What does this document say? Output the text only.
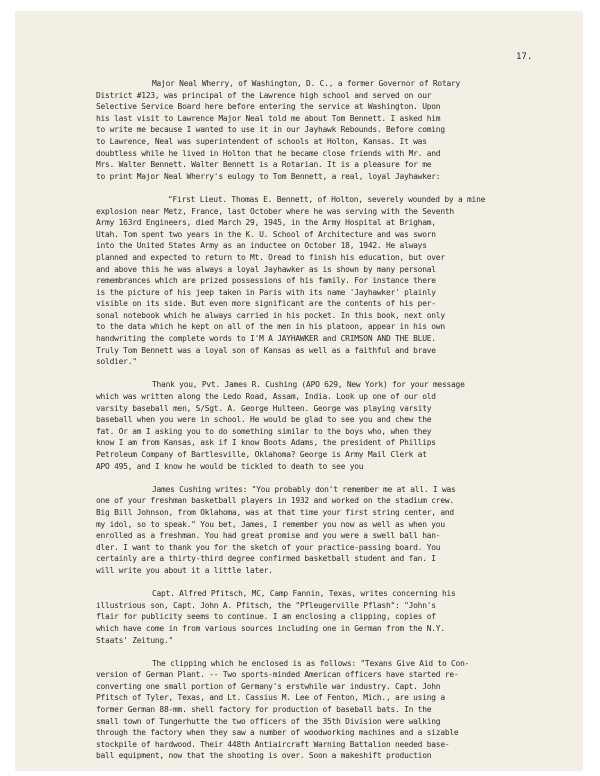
17.
Major Neal Wherry, of Washington, D. C., a former Governor of Rotary
District #123, was principal of the Lawrence high school and served on our
Selective Service Board here before entering the service at Washington. Upon
his last visit to Lawrence Major Neal told me about Tom Bennett. I asked him
to write me because I wanted to use it in our Jayhawk Rebounds. Before coming
to Lawrence, Neal was superintendent of schools at Holton, Kansas. It was
doubtless while he lived in Holton that he became close friends with Mr. and
Mrs. Walter Bennett. Walter Bennett is a Rotarian. It is a pleasure for me
to print Major Neal Wherry's eulogy to Tom Bennett, a real, loyal Jayhawker:
"First Lieut. Thomas E. Bennett, of Holton, severely wounded by a mine
explosion near Metz, France, last October where he was serving with the Seventh
Army 163rd Engineers, died March 29, 1945, in the Army Hospital at Brigham,
Utah. Tom spent two years in the K. U. School of Architecture and was sworn
into the United States Army as an inductee on October 18, 1942. He always
planned and expected to return to Mt. Oread to finish his education, but over
and above this he was always a loyal Jayhawker as is shown by many personal
remembrances which are prized possessions of his family. For instance there
is the picture of his jeep taken in Paris with its name 'Jayhawker' plainly
visible on its side. But even more significant are the contents of his per-
sonal notebook which he always carried in his pocket. In this book, next only
to the data which he kept on all of the men in his platoon, appear in his own
handwriting the complete words to I'M A JAYHAWKER and CRIMSON AND THE BLUE.
Truly Tom Bennett was a loyal son of Kansas as well as a faithful and brave
soldier."
Thank you, Pvt. James R. Cushing (APO 629, New York) for your message
which was written along the Ledo Road, Assam, India. Look up one of our old
varsity baseball men, S/Sgt. A. George Hulteen. George was playing varsity
baseball when you were in school. He would be glad to see you and chew the
fat. Or am I asking you to do something similar to the boys who, when they
know I am from Kansas, ask if I know Boots Adams, the president of Phillips
Petroleum Company of Bartlesville, Oklahoma? George is Army Mail Clerk at
APO 495, and I know he would be tickled to death to see you
James Cushing writes: "You probably don't remember me at all. I was
one of your freshman basketball players in 1932 and worked on the stadium crew.
Big Bill Johnson, from Oklahoma, was at that time your first string center, and
my idol, so to speak." You bet, James, I remember you now as well as when you
enrolled as a freshman. You had great promise and you were a swell ball han-
dler. I want to thank you for the sketch of your practice-passing board. You
certainly are a thirty-third degree confirmed basketball student and fan. I
will write you about it a little later.
Capt. Alfred Pfitsch, MC, Camp Fannin, Texas, writes concerning his
illustrious son, Capt. John A. Pfitsch, the "Pfleugerville Pflash": "John's
flair for publicity seems to continue. I am enclosing a clipping, copies of
which have come in from various sources including one in German from the N.Y.
Staats' Zeitung."
The clipping which he enclosed is as follows: "Texans Give Aid to Con-
version of German Plant. -- Two sports-minded American officers have started re-
converting one small portion of Germany's erstwhile war industry. Capt. John
Pfitsch of Tyler, Texas, and Lt. Cassius M. Lee of Fenton, Mich., are using a
former German 88-mm. shell factory for production of baseball bats. In the
small town of Tungerhutte the two officers of the 35th Division were walking
through the factory when they saw a number of woodworking machines and a sizable
stockpile of hardwood. Their 448th Antiaircraft Warning Battalion needed base-
ball equipment, now that the shooting is over. Soon a makeshift production
